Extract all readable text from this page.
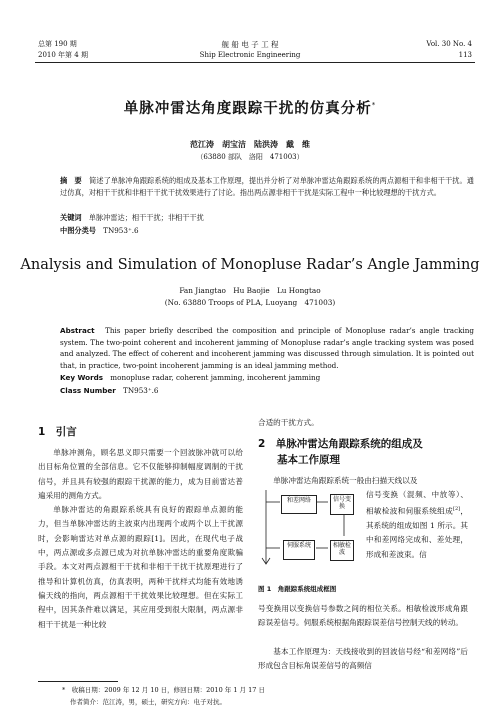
总第 190 期
2010 年第 4 期
舰 船 电 子 工 程
Ship Electronic Engineering
Vol. 30 No. 4
113
单脉冲雷达角度跟踪干扰的仿真分析*
范江涛　胡宝洁　陆洪涛　戴　维
（63880 部队　洛阳　471003）
摘　要　 简述了单脉冲角跟踪系统的组成及基本工作原理，提出并分析了对单脉冲雷达角跟踪系统的两点源相干和非相干干扰。通过仿真，对相干干扰和非相干干扰干扰效果进行了讨论。指出两点源非相干干扰是实际工程中一种比较理想的干扰方式。
关键词　 单脉冲雷达；相干干扰；非相干干扰
中图分类号　 TN953⁺.6
Analysis and Simulation of Monopluse Radar’s Angle Jamming
Fan Jiangtao　Hu Baojie　Lu Hongtao
(No. 63880 Troops of PLA, Luoyang　471003)
Abstract　 This paper briefly described the composition and principle of Monopluse radar’s angle tracking system. The two-point coherent and incoherent jamming of Monopluse radar’s angle tracking system was posed and analyzed. The effect of coherent and incoherent jamming was discussed through simulation. It is pointed out that, in practice, two-point incoherent jamming is an ideal jamming method.
Key Words　 monopluse radar, coherent jamming, incoherent jamming
Class Number　 TN953⁺.6
1　引言
单脉冲测角，顾名思义即只需要一个回波脉冲就可以给出目标角位置的全部信息。它不仅能够抑制幅度调制的干扰信号，并且具有较强的跟踪干扰源的能力，成为目前雷达普遍采用的测角方式。
单脉冲雷达的角跟踪系统具有良好的跟踪单点源的能力，但当单脉冲雷达的主波束内出现两个或两个以上干扰源时，会影响雷达对单点源的跟踪[1]。因此，在现代电子战中，两点源或多点源已成为对抗单脉冲雷达的重要角度欺骗手段。本文对两点源相干干扰和非相干干扰干扰原理进行了推导和计算机仿真，仿真表明，两种干扰样式均能有效地诱偏天线的指向，两点源相干干扰效果比较理想。但在实际工程中，因其条件难以满足，其应用受到很大限制，两点源非相干干扰是一种比较
合适的干扰方式。
2　单脉冲雷达角跟踪系统的组成及
基本工作原理
单脉冲雷达角跟踪系统一般由扫描天线以及
和差网络	信号变换
伺服系统	相敏检波
图 1　角跟踪系统组成框图
信号变换（混频、中放等）、相敏检波和伺服系统组成[2]，其系统的组成如图 1 所示。其中和差网络完成和、差处理，形成和差波束。信
号变换用以变换信号参数之间的相位关系。相敏检波形成角跟踪误差信号。伺服系统根据角跟踪误差信号控制天线的转动。
基本工作原理为：天线接收到的回波信号经“和差网络”后形成包含目标角误差信号的高频信
*　 收稿日期：2009 年 12 月 10 日，修回日期：2010 年 1 月 17 日
作者简介：范江涛，男，硕士，研究方向：电子对抗。
